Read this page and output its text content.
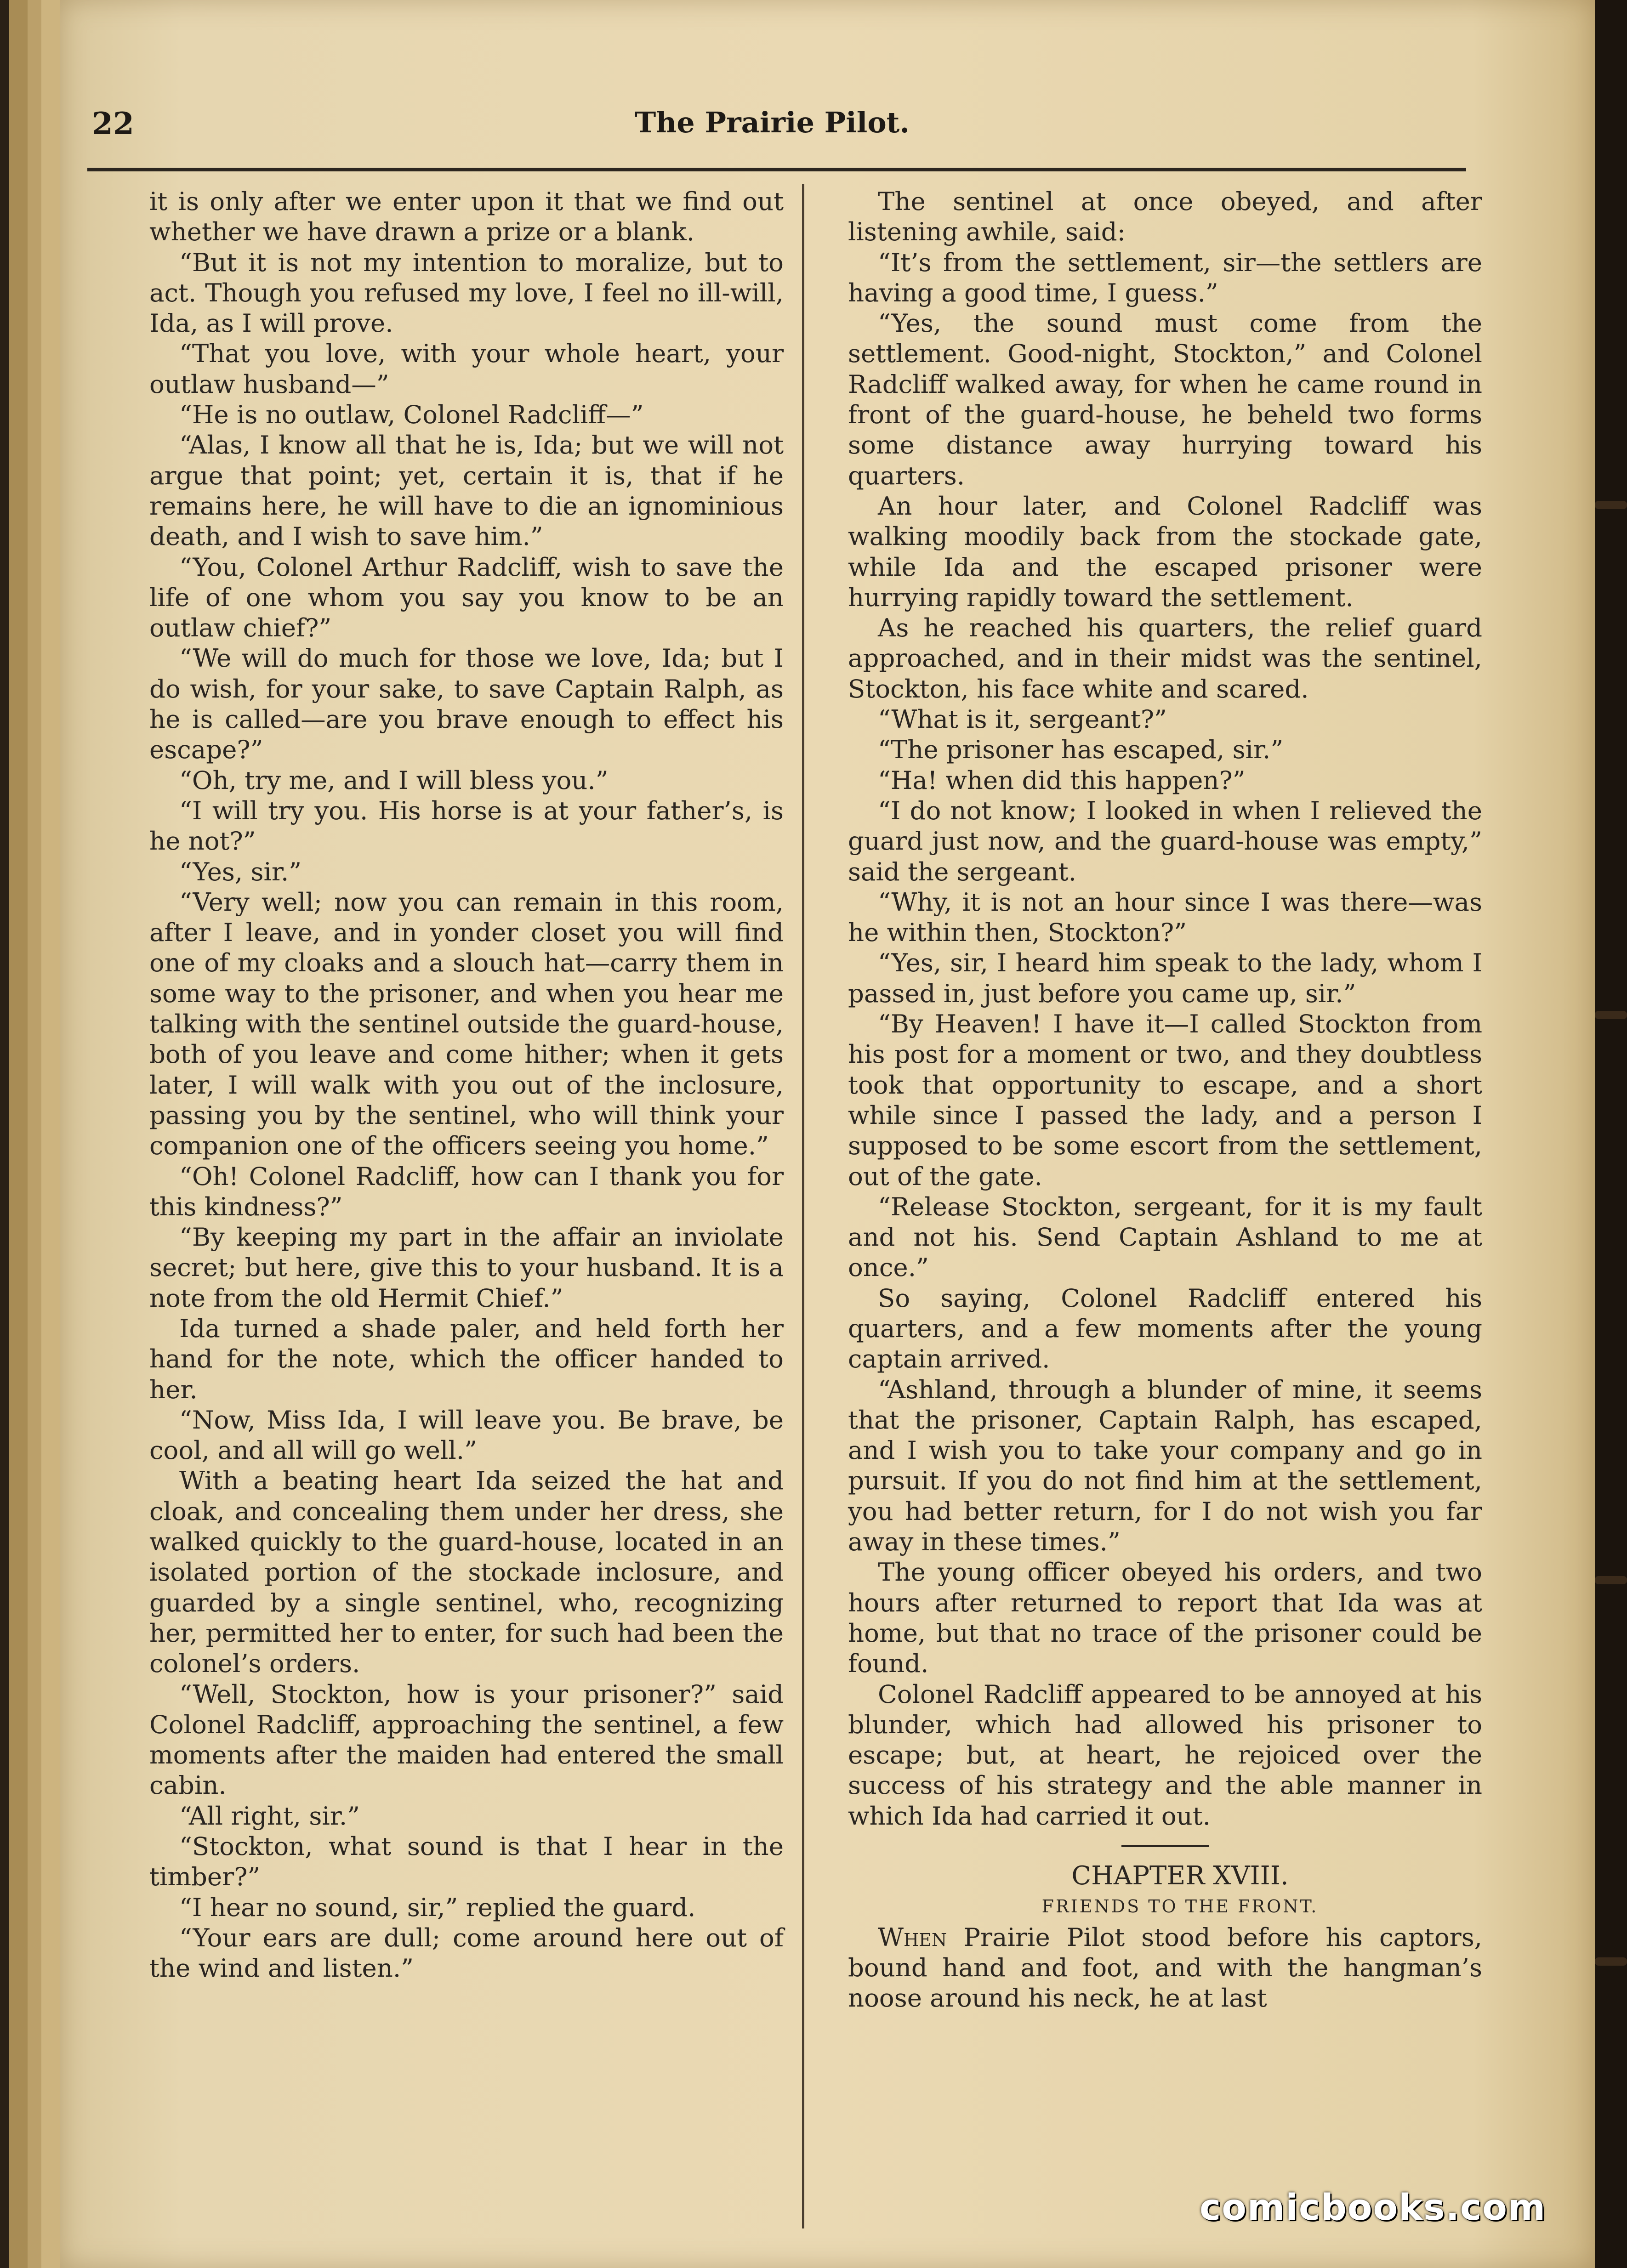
22	The Prairie Pilot.

it is only after we enter upon it that we find out whether we have drawn a prize or a blank.

“But it is not my intention to moralize, but to act. Though you refused my love, I feel no ill-will, Ida, as I will prove.

“That you love, with your whole heart, your outlaw husband—”

“He is no outlaw, Colonel Radcliff—”

“Alas, I know all that he is, Ida; but we will not argue that point; yet, certain it is, that if he remains here, he will have to die an ignominious death, and I wish to save him.”

“You, Colonel Arthur Radcliff, wish to save the life of one whom you say you know to be an outlaw chief?”

“We will do much for those we love, Ida; but I do wish, for your sake, to save Captain Ralph, as he is called—are you brave enough to effect his escape?”

“Oh, try me, and I will bless you.”

“I will try you. His horse is at your father’s, is he not?”

“Yes, sir.”

“Very well; now you can remain in this room, after I leave, and in yonder closet you will find one of my cloaks and a slouch hat—carry them in some way to the prisoner, and when you hear me talking with the sentinel outside the guard-house, both of you leave and come hither; when it gets later, I will walk with you out of the inclosure, passing you by the sentinel, who will think your companion one of the officers seeing you home.”

“Oh! Colonel Radcliff, how can I thank you for this kindness?”

“By keeping my part in the affair an inviolate secret; but here, give this to your husband. It is a note from the old Hermit Chief.”

Ida turned a shade paler, and held forth her hand for the note, which the officer handed to her.

“Now, Miss Ida, I will leave you. Be brave, be cool, and all will go well.”

With a beating heart Ida seized the hat and cloak, and concealing them under her dress, she walked quickly to the guard-house, located in an isolated portion of the stockade inclosure, and guarded by a single sentinel, who, recognizing her, permitted her to enter, for such had been the colonel’s orders.

“Well, Stockton, how is your prisoner?” said Colonel Radcliff, approaching the sentinel, a few moments after the maiden had entered the small cabin.

“All right, sir.”

“Stockton, what sound is that I hear in the timber?”

“I hear no sound, sir,” replied the guard.

“Your ears are dull; come around here out of the wind and listen.”

The sentinel at once obeyed, and after listening awhile, said:

“It’s from the settlement, sir—the settlers are having a good time, I guess.”

“Yes, the sound must come from the settlement. Good-night, Stockton,” and Colonel Radcliff walked away, for when he came round in front of the guard-house, he beheld two forms some distance away hurrying toward his quarters.

An hour later, and Colonel Radcliff was walking moodily back from the stockade gate, while Ida and the escaped prisoner were hurrying rapidly toward the settlement.

As he reached his quarters, the relief guard approached, and in their midst was the sentinel, Stockton, his face white and scared.

“What is it, sergeant?”

“The prisoner has escaped, sir.”

“Ha! when did this happen?”

“I do not know; I looked in when I relieved the guard just now, and the guard-house was empty,” said the sergeant.

“Why, it is not an hour since I was there—was he within then, Stockton?”

“Yes, sir, I heard him speak to the lady, whom I passed in, just before you came up, sir.”

“By Heaven! I have it—I called Stockton from his post for a moment or two, and they doubtless took that opportunity to escape, and a short while since I passed the lady, and a person I supposed to be some escort from the settlement, out of the gate.

“Release Stockton, sergeant, for it is my fault and not his. Send Captain Ashland to me at once.”

So saying, Colonel Radcliff entered his quarters, and a few moments after the young captain arrived.

“Ashland, through a blunder of mine, it seems that the prisoner, Captain Ralph, has escaped, and I wish you to take your company and go in pursuit. If you do not find him at the settlement, you had better return, for I do not wish you far away in these times.”

The young officer obeyed his orders, and two hours after returned to report that Ida was at home, but that no trace of the prisoner could be found.

Colonel Radcliff appeared to be annoyed at his blunder, which had allowed his prisoner to escape; but, at heart, he rejoiced over the success of his strategy and the able manner in which Ida had carried it out.

CHAPTER XVIII.

FRIENDS TO THE FRONT.

When Prairie Pilot stood before his captors, bound hand and foot, and with the hangman’s noose around his neck, he at last

comicbooks.com
